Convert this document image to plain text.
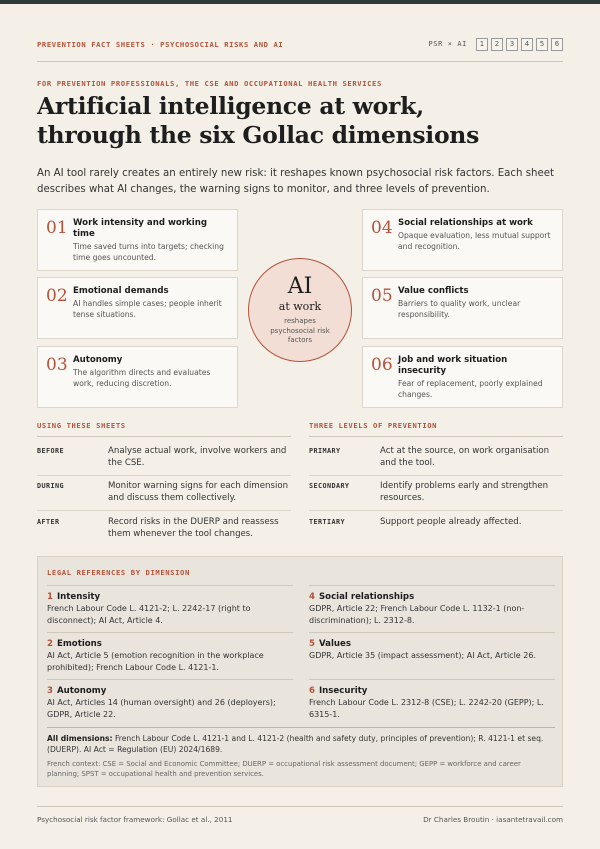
PREVENTION FACT SHEETS · PSYCHOSOCIAL RISKS AND AI	PSR × AI	1	2	3	4	5	6
FOR PREVENTION PROFESSIONALS, THE CSE AND OCCUPATIONAL HEALTH SERVICES
Artificial intelligence at work,
through the six Gollac dimensions

An AI tool rarely creates an entirely new risk: it reshapes known psychosocial risk factors. Each sheet describes what AI changes, the warning signs to monitor, and three levels of prevention.

01 Work intensity and working time
Time saved turns into targets; checking time goes uncounted.
02 Emotional demands
AI handles simple cases; people inherit tense situations.
03 Autonomy
The algorithm directs and evaluates work, reducing discretion.
04 Social relationships at work
Opaque evaluation, less mutual support and recognition.
05 Value conflicts
Barriers to quality work, unclear responsibility.
06 Job and work situation insecurity
Fear of replacement, poorly explained changes.
AI
at work
reshapes psychosocial risk factors
USING THESE SHEETS
BEFORE	Analyse actual work, involve workers and the CSE.
DURING	Monitor warning signs for each dimension and discuss them collectively.
AFTER	Record risks in the DUERP and reassess them whenever the tool changes.
THREE LEVELS OF PREVENTION
PRIMARY	Act at the source, on work organisation and the tool.
SECONDARY	Identify problems early and strengthen resources.
TERTIARY	Support people already affected.
LEGAL REFERENCES BY DIMENSION
1 Intensity
French Labour Code L. 4121-2; L. 2242-17 (right to disconnect); AI Act, Article 4.
2 Emotions
AI Act, Article 5 (emotion recognition in the workplace prohibited); French Labour Code L. 4121-1.
3 Autonomy
AI Act, Articles 14 (human oversight) and 26 (deployers); GDPR, Article 22.
4 Social relationships
GDPR, Article 22; French Labour Code L. 1132-1 (non-discrimination); L. 2312-8.
5 Values
GDPR, Article 35 (impact assessment); AI Act, Article 26.
6 Insecurity
French Labour Code L. 2312-8 (CSE); L. 2242-20 (GEPP); L. 6315-1.
All dimensions: French Labour Code L. 4121-1 and L. 4121-2 (health and safety duty, principles of prevention); R. 4121-1 et seq. (DUERP). AI Act = Regulation (EU) 2024/1689.
French context: CSE = Social and Economic Committee; DUERP = occupational risk assessment document; GEPP = workforce and career planning; SPST = occupational health and prevention services.
Psychosocial risk factor framework: Gollac et al., 2011	Dr Charles Broutin · iasantetravail.com
